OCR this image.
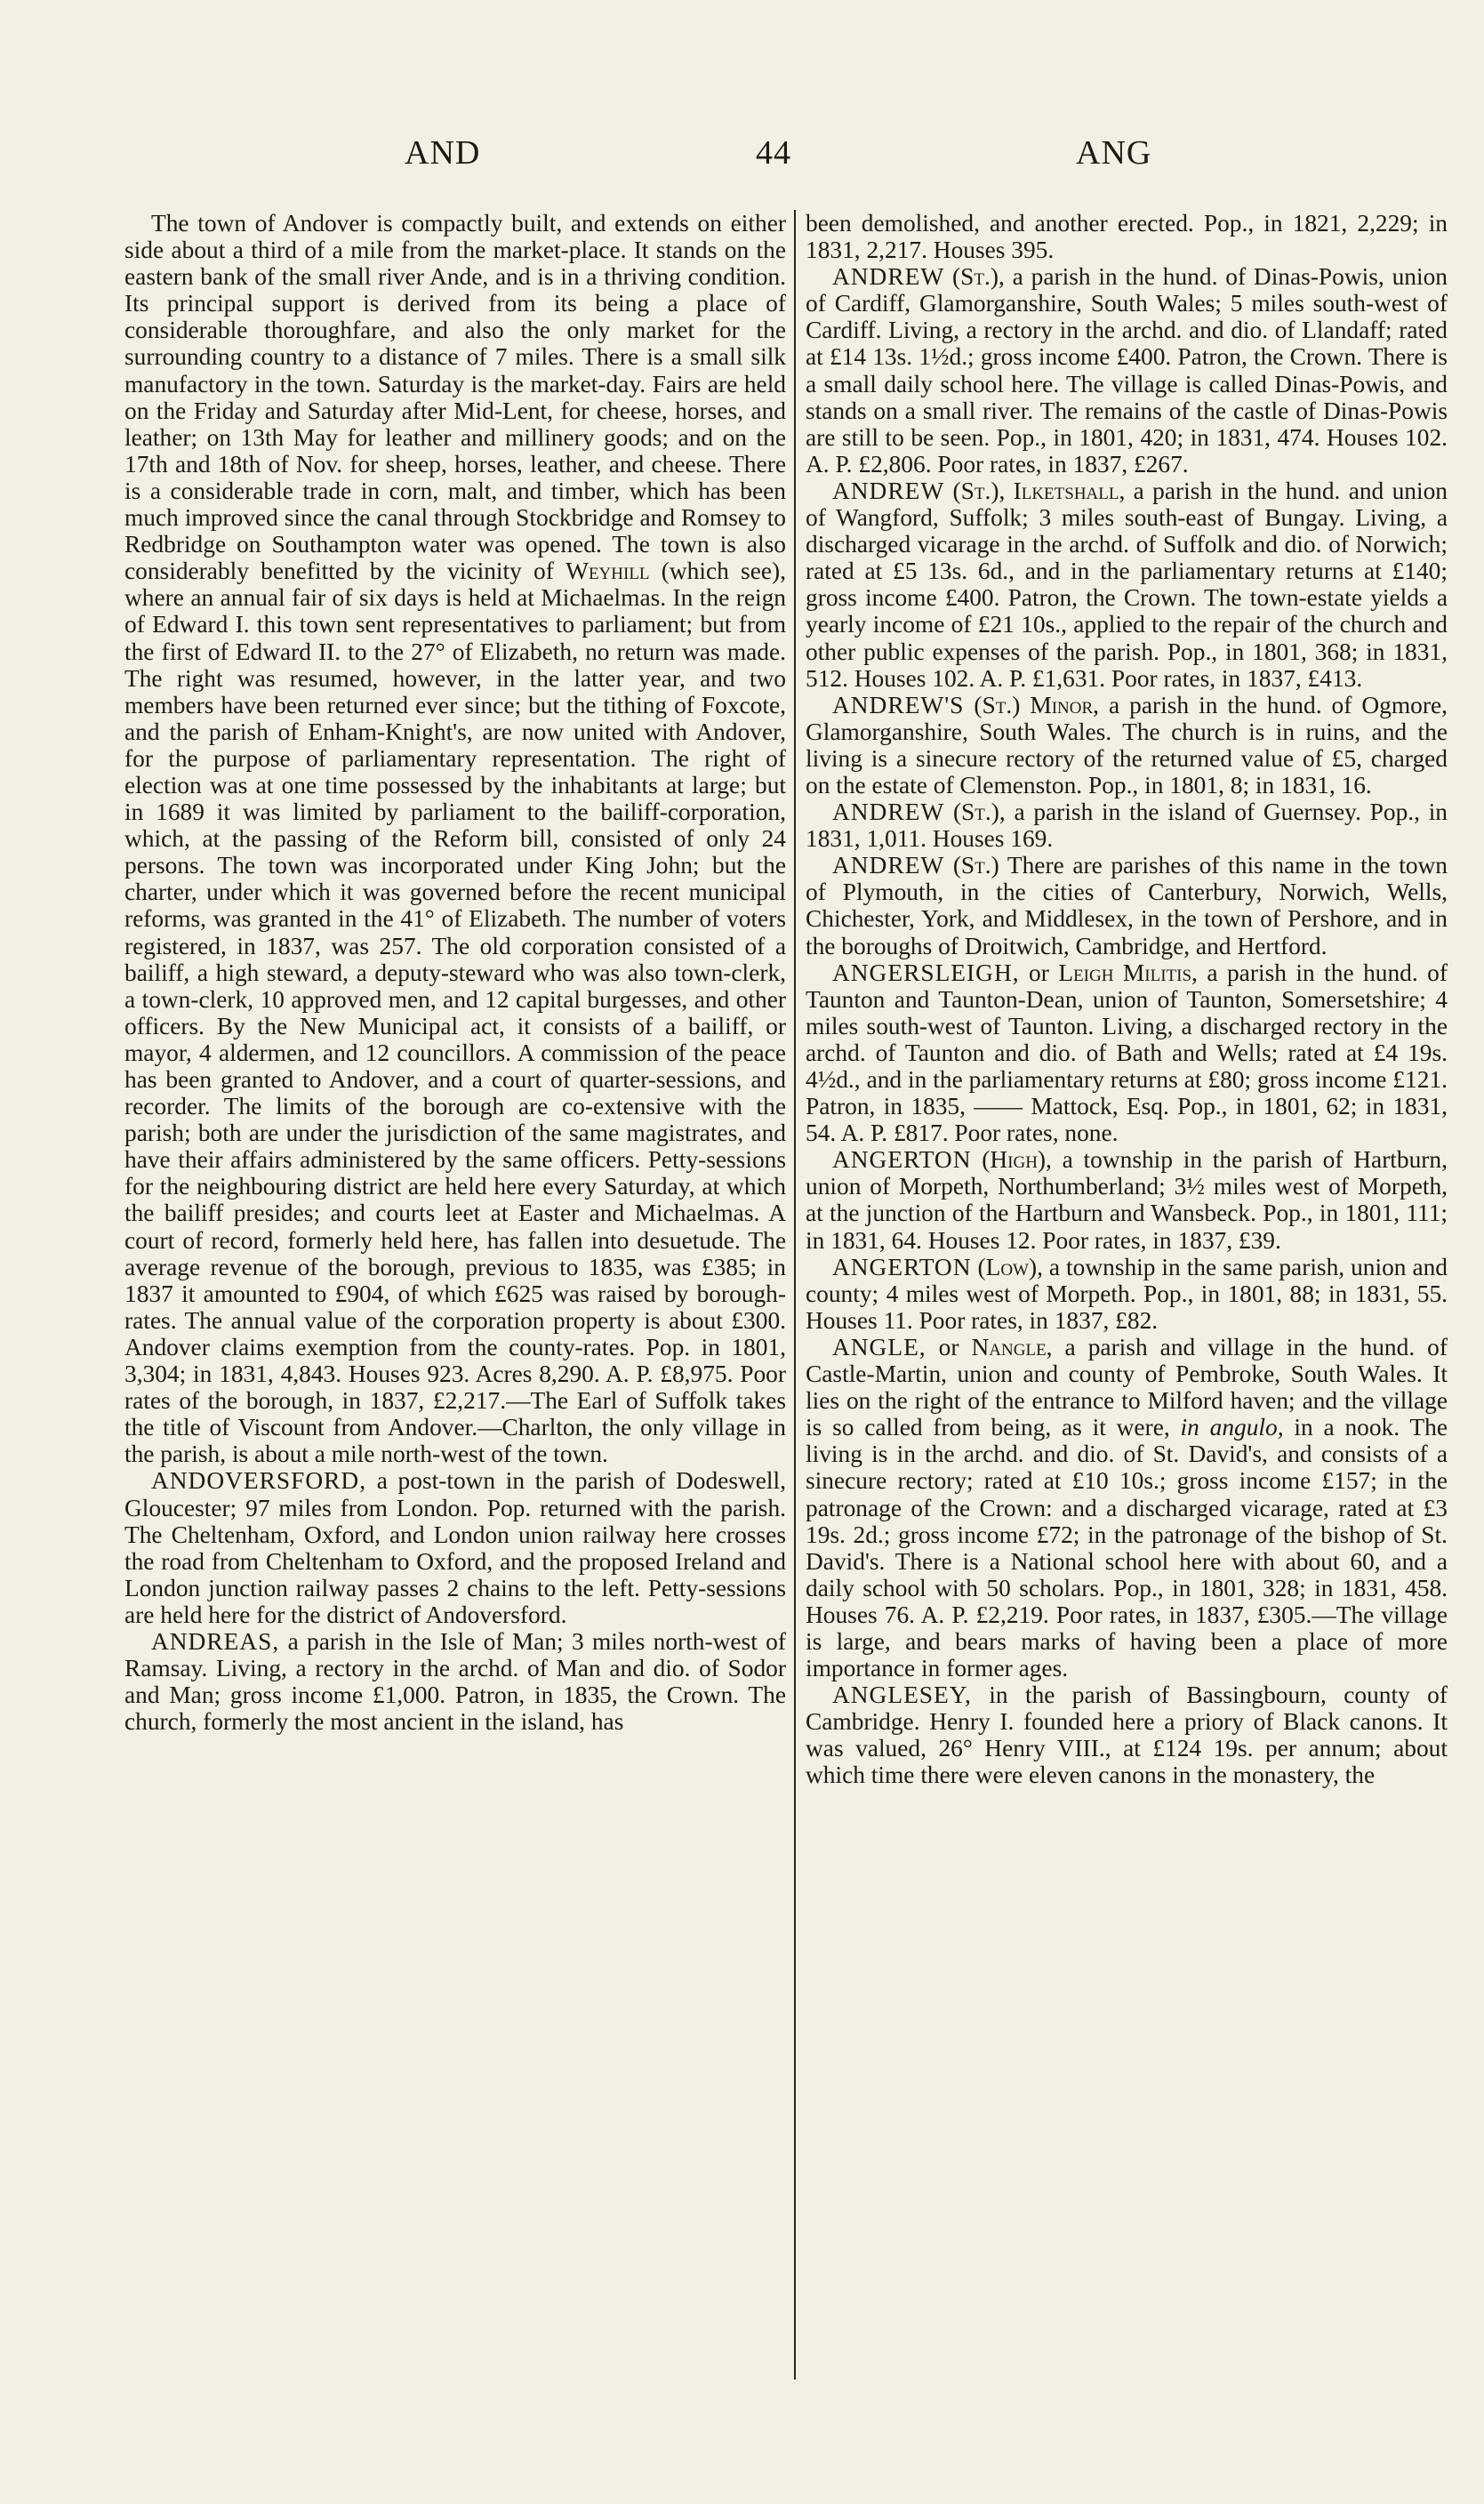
AND	44	ANG

The town of Andover is compactly built, and extends on either side about a third of a mile from the market-place. It stands on the eastern bank of the small river Ande, and is in a thriving condition. Its principal support is derived from its being a place of considerable thoroughfare, and also the only market for the surrounding country to a distance of 7 miles. There is a small silk manufactory in the town. Saturday is the market-day. Fairs are held on the Friday and Saturday after Mid-Lent, for cheese, horses, and leather; on 13th May for leather and millinery goods; and on the 17th and 18th of Nov. for sheep, horses, leather, and cheese. There is a considerable trade in corn, malt, and timber, which has been much improved since the canal through Stockbridge and Romsey to Redbridge on Southampton water was opened. The town is also considerably benefitted by the vicinity of Weyhill (which see), where an annual fair of six days is held at Michaelmas. In the reign of Edward I. this town sent representatives to parliament; but from the first of Edward II. to the 27° of Elizabeth, no return was made. The right was resumed, however, in the latter year, and two members have been returned ever since; but the tithing of Foxcote, and the parish of Enham-Knight's, are now united with Andover, for the purpose of parliamentary representation. The right of election was at one time possessed by the inhabitants at large; but in 1689 it was limited by parliament to the bailiff-corporation, which, at the passing of the Reform bill, consisted of only 24 persons. The town was incorporated under King John; but the charter, under which it was governed before the recent municipal reforms, was granted in the 41° of Elizabeth. The number of voters registered, in 1837, was 257. The old corporation consisted of a bailiff, a high steward, a deputy-steward who was also town-clerk, a town-clerk, 10 approved men, and 12 capital burgesses, and other officers. By the New Municipal act, it consists of a bailiff, or mayor, 4 aldermen, and 12 councillors. A commission of the peace has been granted to Andover, and a court of quarter-sessions, and recorder. The limits of the borough are co-extensive with the parish; both are under the jurisdiction of the same magistrates, and have their affairs administered by the same officers. Petty-sessions for the neighbouring district are held here every Saturday, at which the bailiff presides; and courts leet at Easter and Michaelmas. A court of record, formerly held here, has fallen into desuetude. The average revenue of the borough, previous to 1835, was £385; in 1837 it amounted to £904, of which £625 was raised by borough-rates. The annual value of the corporation property is about £300. Andover claims exemption from the county-rates. Pop. in 1801, 3,304; in 1831, 4,843. Houses 923. Acres 8,290. A. P. £8,975. Poor rates of the borough, in 1837, £2,217.—The Earl of Suffolk takes the title of Viscount from Andover.—Charlton, the only village in the parish, is about a mile north-west of the town.

ANDOVERSFORD, a post-town in the parish of Dodeswell, Gloucester; 97 miles from London. Pop. returned with the parish. The Cheltenham, Oxford, and London union railway here crosses the road from Cheltenham to Oxford, and the proposed Ireland and London junction railway passes 2 chains to the left. Petty-sessions are held here for the district of Andoversford.

ANDREAS, a parish in the Isle of Man; 3 miles north-west of Ramsay. Living, a rectory in the archd. of Man and dio. of Sodor and Man; gross income £1,000. Patron, in 1835, the Crown. The church, formerly the most ancient in the island, has

been demolished, and another erected. Pop., in 1821, 2,229; in 1831, 2,217. Houses 395.

ANDREW (St.), a parish in the hund. of Dinas-Powis, union of Cardiff, Glamorganshire, South Wales; 5 miles south-west of Cardiff. Living, a rectory in the archd. and dio. of Llandaff; rated at £14 13s. 1½d.; gross income £400. Patron, the Crown. There is a small daily school here. The village is called Dinas-Powis, and stands on a small river. The remains of the castle of Dinas-Powis are still to be seen. Pop., in 1801, 420; in 1831, 474. Houses 102. A. P. £2,806. Poor rates, in 1837, £267.

ANDREW (St.), Ilketshall, a parish in the hund. and union of Wangford, Suffolk; 3 miles south-east of Bungay. Living, a discharged vicarage in the archd. of Suffolk and dio. of Norwich; rated at £5 13s. 6d., and in the parliamentary returns at £140; gross income £400. Patron, the Crown. The town-estate yields a yearly income of £21 10s., applied to the repair of the church and other public expenses of the parish. Pop., in 1801, 368; in 1831, 512. Houses 102. A. P. £1,631. Poor rates, in 1837, £413.

ANDREW'S (St.) Minor, a parish in the hund. of Ogmore, Glamorganshire, South Wales. The church is in ruins, and the living is a sinecure rectory of the returned value of £5, charged on the estate of Clemenston. Pop., in 1801, 8; in 1831, 16.

ANDREW (St.), a parish in the island of Guernsey. Pop., in 1831, 1,011. Houses 169.

ANDREW (St.) There are parishes of this name in the town of Plymouth, in the cities of Canterbury, Norwich, Wells, Chichester, York, and Middlesex, in the town of Pershore, and in the boroughs of Droitwich, Cambridge, and Hertford.

ANGERSLEIGH, or Leigh Militis, a parish in the hund. of Taunton and Taunton-Dean, union of Taunton, Somersetshire; 4 miles south-west of Taunton. Living, a discharged rectory in the archd. of Taunton and dio. of Bath and Wells; rated at £4 19s. 4½d., and in the parliamentary returns at £80; gross income £121. Patron, in 1835, —— Mattock, Esq. Pop., in 1801, 62; in 1831, 54. A. P. £817. Poor rates, none.

ANGERTON (High), a township in the parish of Hartburn, union of Morpeth, Northumberland; 3½ miles west of Morpeth, at the junction of the Hartburn and Wansbeck. Pop., in 1801, 111; in 1831, 64. Houses 12. Poor rates, in 1837, £39.

ANGERTON (Low), a township in the same parish, union and county; 4 miles west of Morpeth. Pop., in 1801, 88; in 1831, 55. Houses 11. Poor rates, in 1837, £82.

ANGLE, or Nangle, a parish and village in the hund. of Castle-Martin, union and county of Pembroke, South Wales. It lies on the right of the entrance to Milford haven; and the village is so called from being, as it were, in angulo, in a nook. The living is in the archd. and dio. of St. David's, and consists of a sinecure rectory; rated at £10 10s.; gross income £157; in the patronage of the Crown: and a discharged vicarage, rated at £3 19s. 2d.; gross income £72; in the patronage of the bishop of St. David's. There is a National school here with about 60, and a daily school with 50 scholars. Pop., in 1801, 328; in 1831, 458. Houses 76. A. P. £2,219. Poor rates, in 1837, £305.—The village is large, and bears marks of having been a place of more importance in former ages.

ANGLESEY, in the parish of Bassingbourn, county of Cambridge. Henry I. founded here a priory of Black canons. It was valued, 26° Henry VIII., at £124 19s. per annum; about which time there were eleven canons in the monastery, the
